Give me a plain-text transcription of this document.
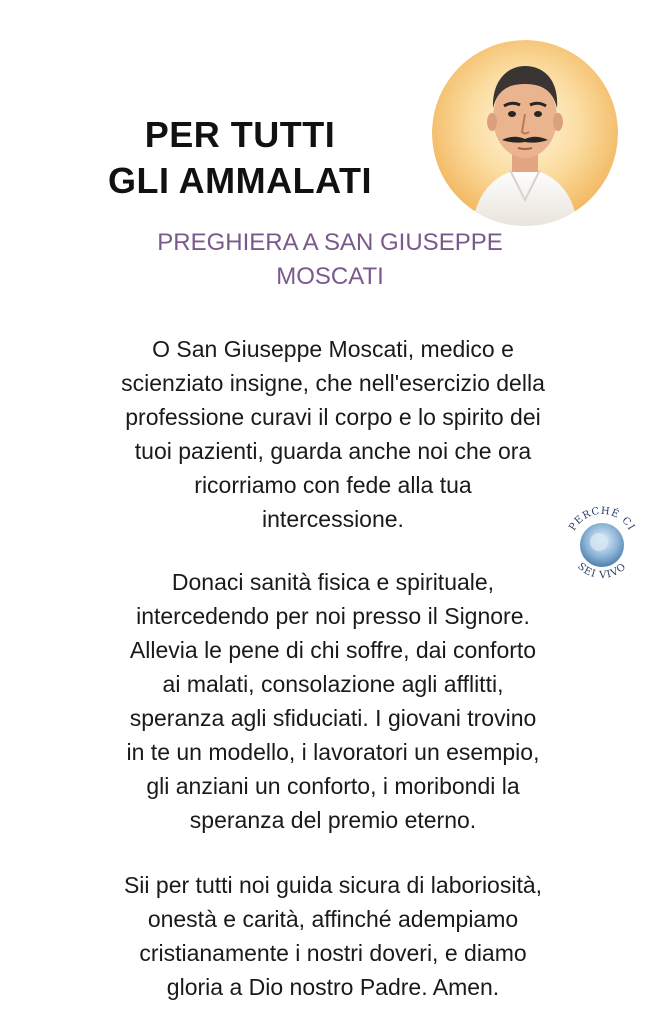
PER TUTTI
GLI AMMALATI
PREGHIERA A SAN GIUSEPPE
MOSCATI
O San Giuseppe Moscati, medico e
scienziato insigne, che nell'esercizio della
professione curavi il corpo e lo spirito dei
tuoi pazienti, guarda anche noi che ora
ricorriamo con fede alla tua
intercessione.	PERCHÉ CI
SEI VIVO
Donaci sanità fisica e spirituale,
intercedendo per noi presso il Signore.
Allevia le pene di chi soffre, dai conforto
ai malati, consolazione agli afflitti,
speranza agli sfiduciati. I giovani trovino
in te un modello, i lavoratori un esempio,
gli anziani un conforto, i moribondi la
speranza del premio eterno.
Sii per tutti noi guida sicura di laboriosità,
onestà e carità, affinché adempiamo
cristianamente i nostri doveri, e diamo
gloria a Dio nostro Padre. Amen.
